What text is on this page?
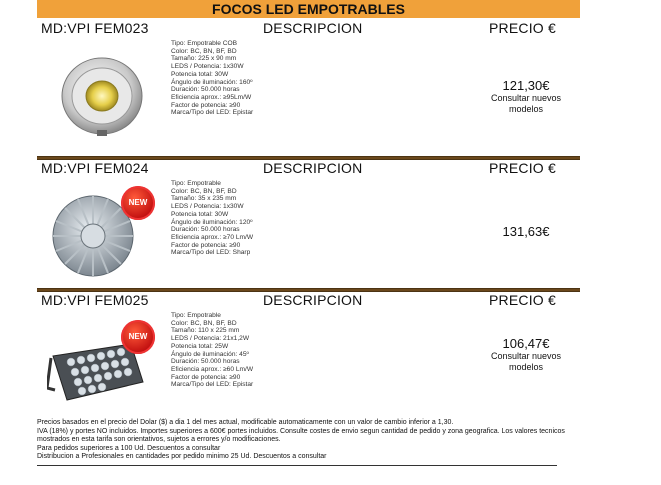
FOCOS LED EMPOTRABLES
MD:VPI FEM023	DESCRIPCION	PRECIO €
Tipo: Empotrable COB
Color: BC, BN, BF, BD
Tamaño: 225 x 90 mm
LEDS / Potencia: 1x30W
Potencia total: 30W
Ángulo de iluminación: 160º
Duración: 50.000 horas
Eficiencia aprox.: ≥95Lm/W
Factor de potencia: ≥90
Marca/Tipo del LED: Epistar
121,30€
Consultar nuevos
modelos
MD:VPI FEM024	DESCRIPCION	PRECIO €
NEW
Tipo: Empotrable
Color: BC, BN, BF, BD
Tamaño: 35 x 235 mm
LEDS / Potencia: 1x30W
Potencia total: 30W
Ángulo de iluminación: 120º
Duración: 50.000 horas
Eficiencia aprox.: ≥70 Lm/W
Factor de potencia: ≥90
Marca/Tipo del LED: Sharp
131,63€
MD:VPI FEM025	DESCRIPCION	PRECIO €
NEW
Tipo: Empotrable
Color: BC, BN, BF, BD
Tamaño: 110 x 225 mm
LEDS / Potencia: 21x1,2W
Potencia total: 25W
Ángulo de iluminación: 45º
Duración: 50.000 horas
Eficiencia aprox.: ≥60 Lm/W
Factor de potencia: ≥90
Marca/Tipo del LED: Epistar
106,47€
Consultar nuevos
modelos
Precios basados en el precio del Dolar ($) a dia 1 del mes actual, modificable automaticamente con un valor de cambio inferior a 1,30.
IVA (18%) y portes NO incluidos. Importes superiores a 600€ portes incluidos. Consulte costes de envio segun cantidad de pedido y zona geografica. Los valores tecnicos mostrados en esta tarifa son orientativos, sujetos a errores y/o modificaciones.
Para pedidos superiores a 100 Ud. Descuentos a consultar
Distribucion a Profesionales en cantidades por pedido minimo 25 Ud. Descuentos a consultar
